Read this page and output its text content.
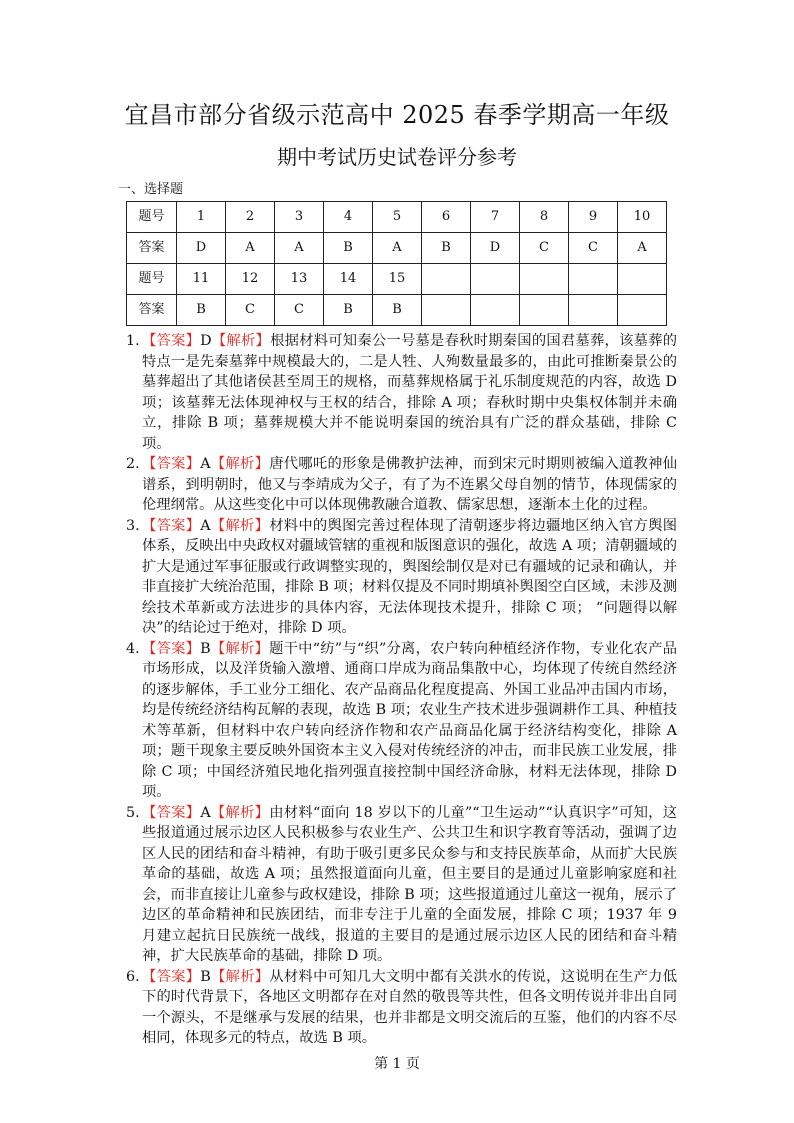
宜昌市部分省级示范高中 2025 春季学期高一年级
期中考试历史试卷评分参考
一、选择题
题号	1	2	3	4	5	6	7	8	9	10
答案	D	A	A	B	A	B	D	C	C	A
题号	11	12	13	14	15					
答案	B	C	C	B	B					
1. 【答案】D【解析】根据材料可知秦公一号墓是春秋时期秦国的国君墓葬，该墓葬的特点一是先秦墓葬中规模最大的，二是人牲、人殉数量最多的，由此可推断秦景公的墓葬超出了其他诸侯甚至周王的规格，而墓葬规格属于礼乐制度规范的内容，故选 D 项；该墓葬无法体现神权与王权的结合，排除 A 项；春秋时期中央集权体制并未确立，排除 B 项；墓葬规模大并不能说明秦国的统治具有广泛的群众基础，排除 C 项。
2. 【答案】A【解析】唐代哪吒的形象是佛教护法神，而到宋元时期则被编入道教神仙谱系，到明朝时，他又与李靖成为父子，有了为不连累父母自刎的情节，体现儒家的伦理纲常。从这些变化中可以体现佛教融合道教、儒家思想，逐渐本土化的过程。
3. 【答案】A【解析】材料中的舆图完善过程体现了清朝逐步将边疆地区纳入官方舆图体系，反映出中央政权对疆域管辖的重视和版图意识的强化，故选 A 项；清朝疆域的扩大是通过军事征服或行政调整实现的，舆图绘制仅是对已有疆域的记录和确认，并非直接扩大统治范围，排除 B 项；材料仅提及不同时期填补舆图空白区域，未涉及测绘技术革新或方法进步的具体内容，无法体现技术提升，排除 C 项； “问题得以解决”的结论过于绝对，排除 D 项。
4. 【答案】B【解析】题干中“纺”与“织”分离，农户转向种植经济作物，专业化农产品市场形成，以及洋货输入激增、通商口岸成为商品集散中心，均体现了传统自然经济的逐步解体，手工业分工细化、农产品商品化程度提高、外国工业品冲击国内市场，均是传统经济结构瓦解的表现，故选 B 项；农业生产技术进步强调耕作工具、种植技术等革新，但材料中农户转向经济作物和农产品商品化属于经济结构变化，排除 A 项；题干现象主要反映外国资本主义入侵对传统经济的冲击，而非民族工业发展，排除 C 项；中国经济殖民地化指列强直接控制中国经济命脉，材料无法体现，排除 D 项。
5. 【答案】A【解析】由材料“面向 18 岁以下的儿童”“卫生运动”“认真识字”可知，这些报道通过展示边区人民积极参与农业生产、公共卫生和识字教育等活动，强调了边区人民的团结和奋斗精神，有助于吸引更多民众参与和支持民族革命，从而扩大民族革命的基础，故选 A 项；虽然报道面向儿童，但主要目的是通过儿童影响家庭和社会，而非直接让儿童参与政权建设，排除 B 项；这些报道通过儿童这一视角，展示了边区的革命精神和民族团结，而非专注于儿童的全面发展，排除 C 项；1937 年 9 月建立起抗日民族统一战线，报道的主要目的是通过展示边区人民的团结和奋斗精神，扩大民族革命的基础，排除 D 项。
6. 【答案】B【解析】从材料中可知几大文明中都有关洪水的传说，这说明在生产力低下的时代背景下，各地区文明都存在对自然的敬畏等共性，但各文明传说并非出自同一个源头，不是继承与发展的结果，也并非都是文明交流后的互鉴，他们的内容不尽相同，体现多元的特点，故选 B 项。
第 1 页
